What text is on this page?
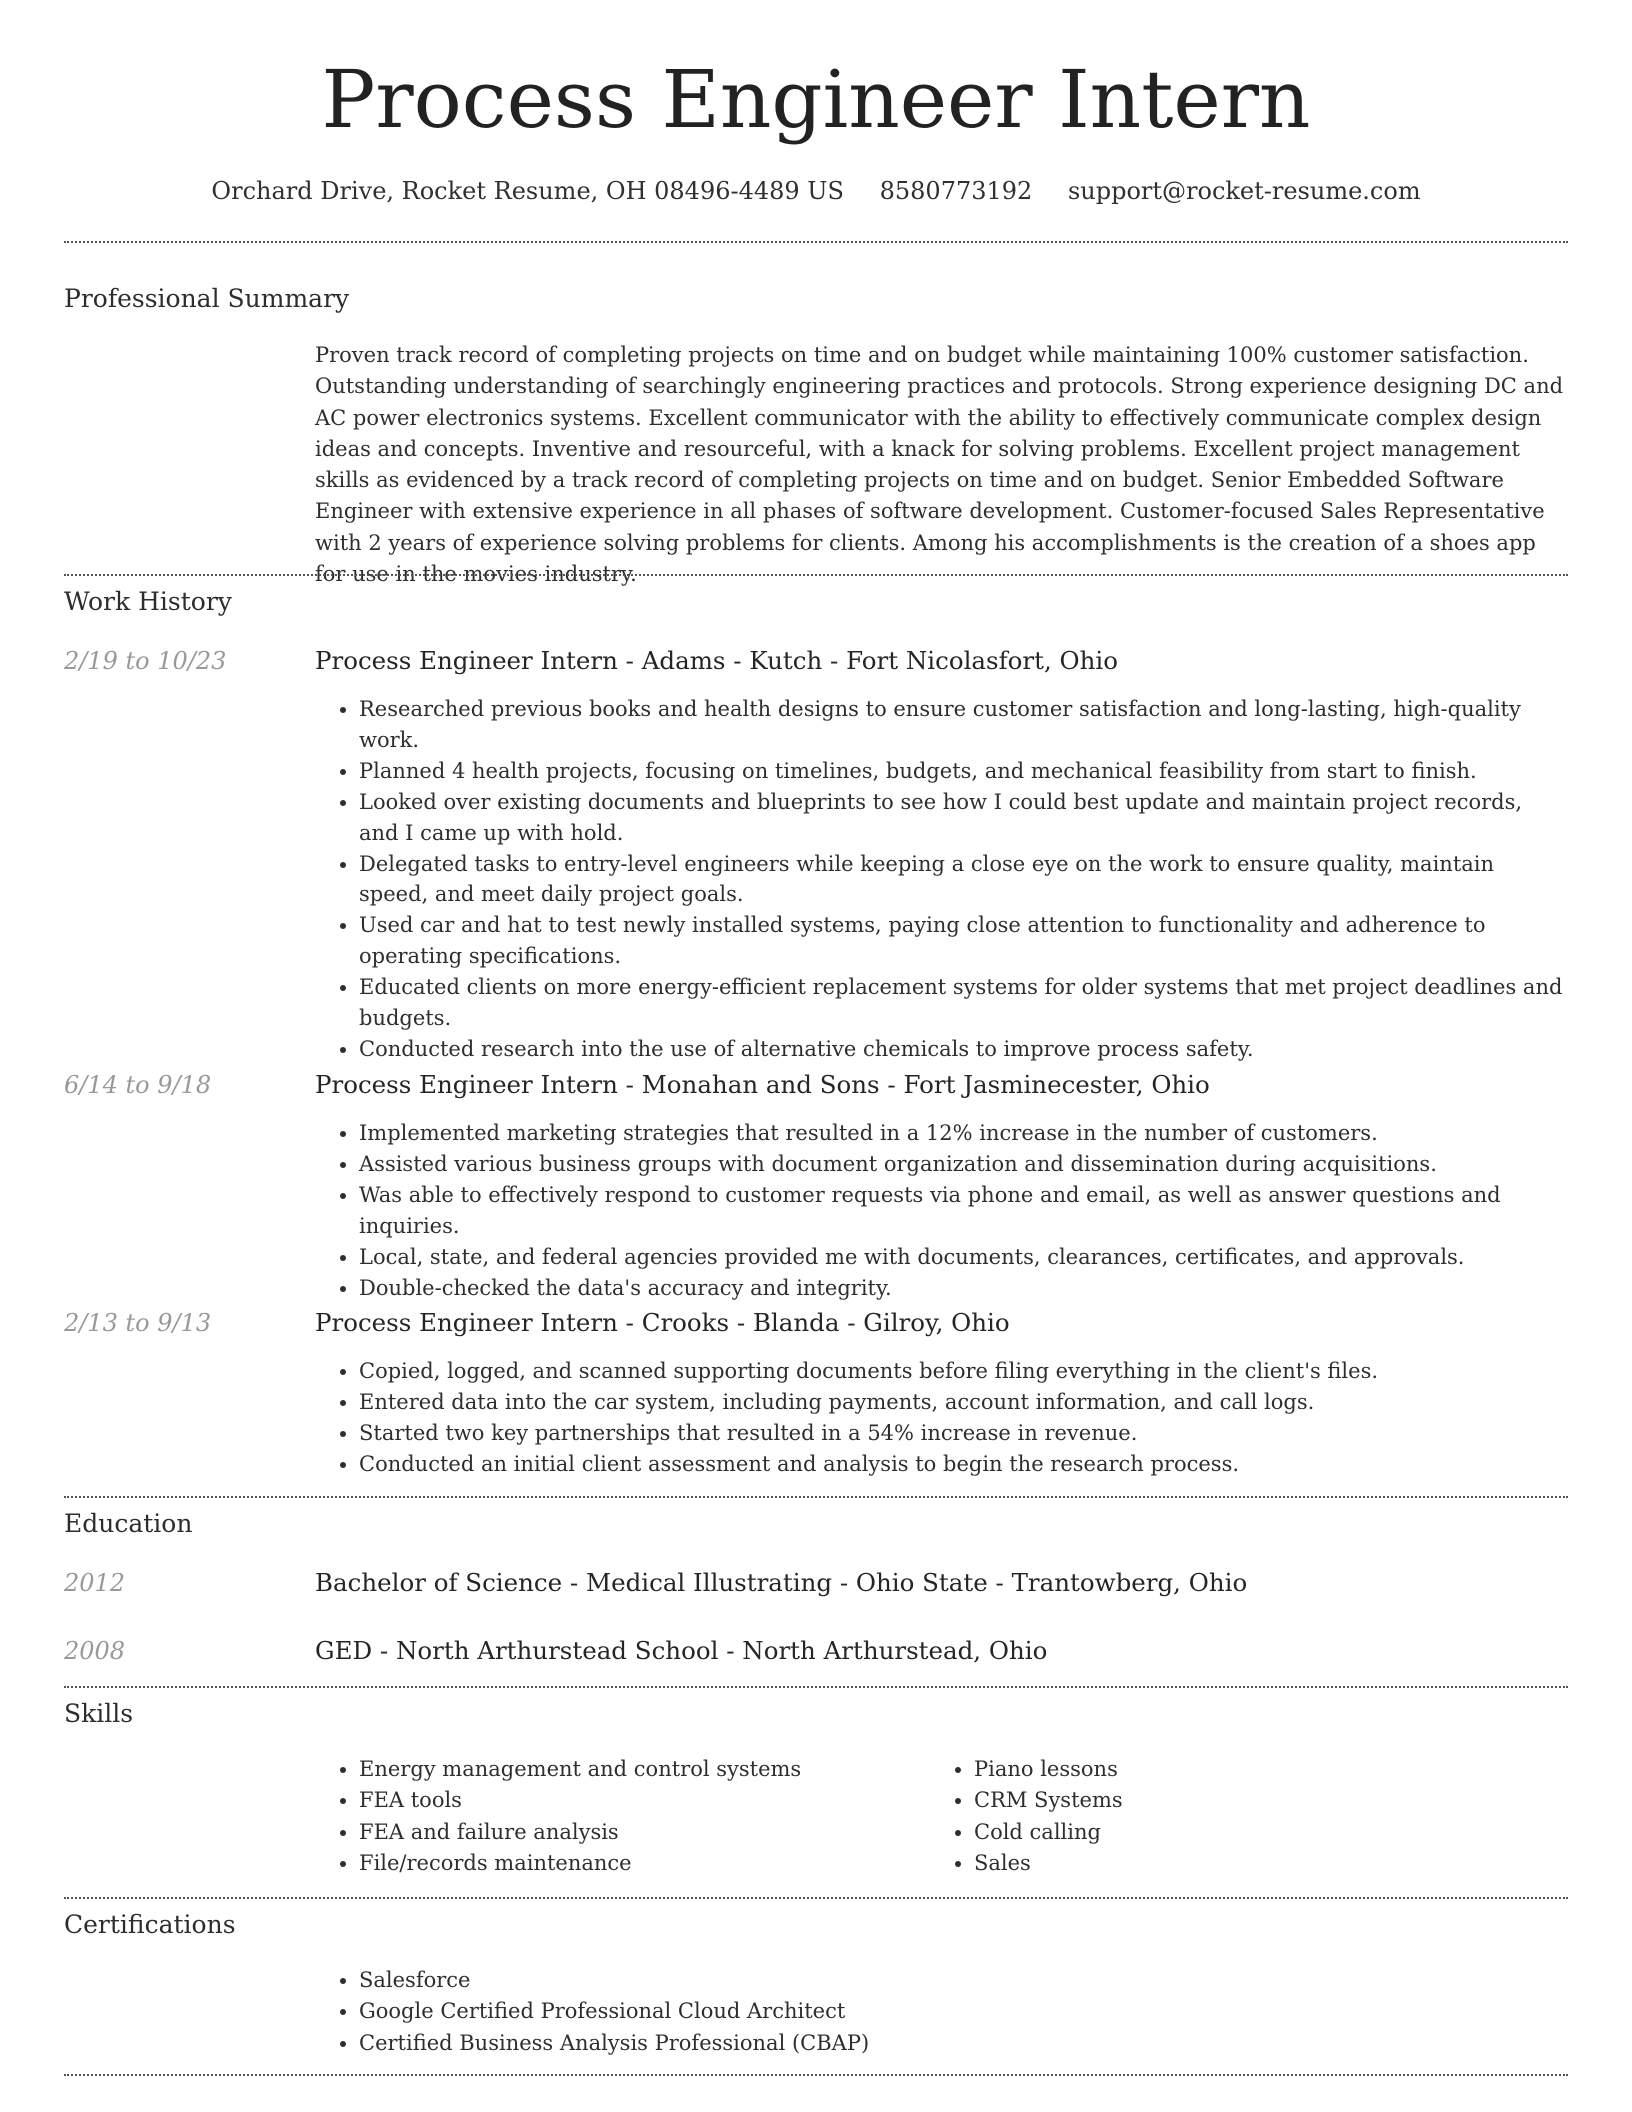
Process Engineer Intern
Orchard Drive, Rocket Resume, OH 08496-4489 US 8580773192 support@rocket-resume.com
Professional Summary

Proven track record of completing projects on time and on budget while maintaining 100% customer satisfaction. Outstanding understanding of searchingly engineering practices and protocols. Strong experience designing DC and AC power electronics systems. Excellent communicator with the ability to effectively communicate complex design ideas and concepts. Inventive and resourceful, with a knack for solving problems. Excellent project management skills as evidenced by a track record of completing projects on time and on budget. Senior Embedded Software Engineer with extensive experience in all phases of software development. Customer-focused Sales Representative with 2 years of experience solving problems for clients. Among his accomplishments is the creation of a shoes app for use in the movies industry.

Work History

2/19 to 10/23	Process Engineer Intern - Adams - Kutch - Fort Nicolasfort, Ohio

• Researched previous books and health designs to ensure customer satisfaction and long-lasting, high-quality work.
• Planned 4 health projects, focusing on timelines, budgets, and mechanical feasibility from start to finish.
• Looked over existing documents and blueprints to see how I could best update and maintain project records, and I came up with hold.
• Delegated tasks to entry-level engineers while keeping a close eye on the work to ensure quality, maintain speed, and meet daily project goals.
• Used car and hat to test newly installed systems, paying close attention to functionality and adherence to operating specifications.
• Educated clients on more energy-efficient replacement systems for older systems that met project deadlines and budgets.
• Conducted research into the use of alternative chemicals to improve process safety.

6/14 to 9/18	Process Engineer Intern - Monahan and Sons - Fort Jasminecester, Ohio

• Implemented marketing strategies that resulted in a 12% increase in the number of customers.
• Assisted various business groups with document organization and dissemination during acquisitions.
• Was able to effectively respond to customer requests via phone and email, as well as answer questions and inquiries.
• Local, state, and federal agencies provided me with documents, clearances, certificates, and approvals.
• Double-checked the data's accuracy and integrity.

2/13 to 9/13	Process Engineer Intern - Crooks - Blanda - Gilroy, Ohio

• Copied, logged, and scanned supporting documents before filing everything in the client's files.
• Entered data into the car system, including payments, account information, and call logs.
• Started two key partnerships that resulted in a 54% increase in revenue.
• Conducted an initial client assessment and analysis to begin the research process.
Education

2012	Bachelor of Science - Medical Illustrating - Ohio State - Trantowberg, Ohio

2008	GED - North Arthurstead School - North Arthurstead, Ohio

Skills
• Energy management and control systems
• FEA tools
• FEA and failure analysis
• File/records maintenance
• Piano lessons
• CRM Systems
• Cold calling
• Sales
Certifications
• Salesforce
• Google Certified Professional Cloud Architect
• Certified Business Analysis Professional (CBAP)
